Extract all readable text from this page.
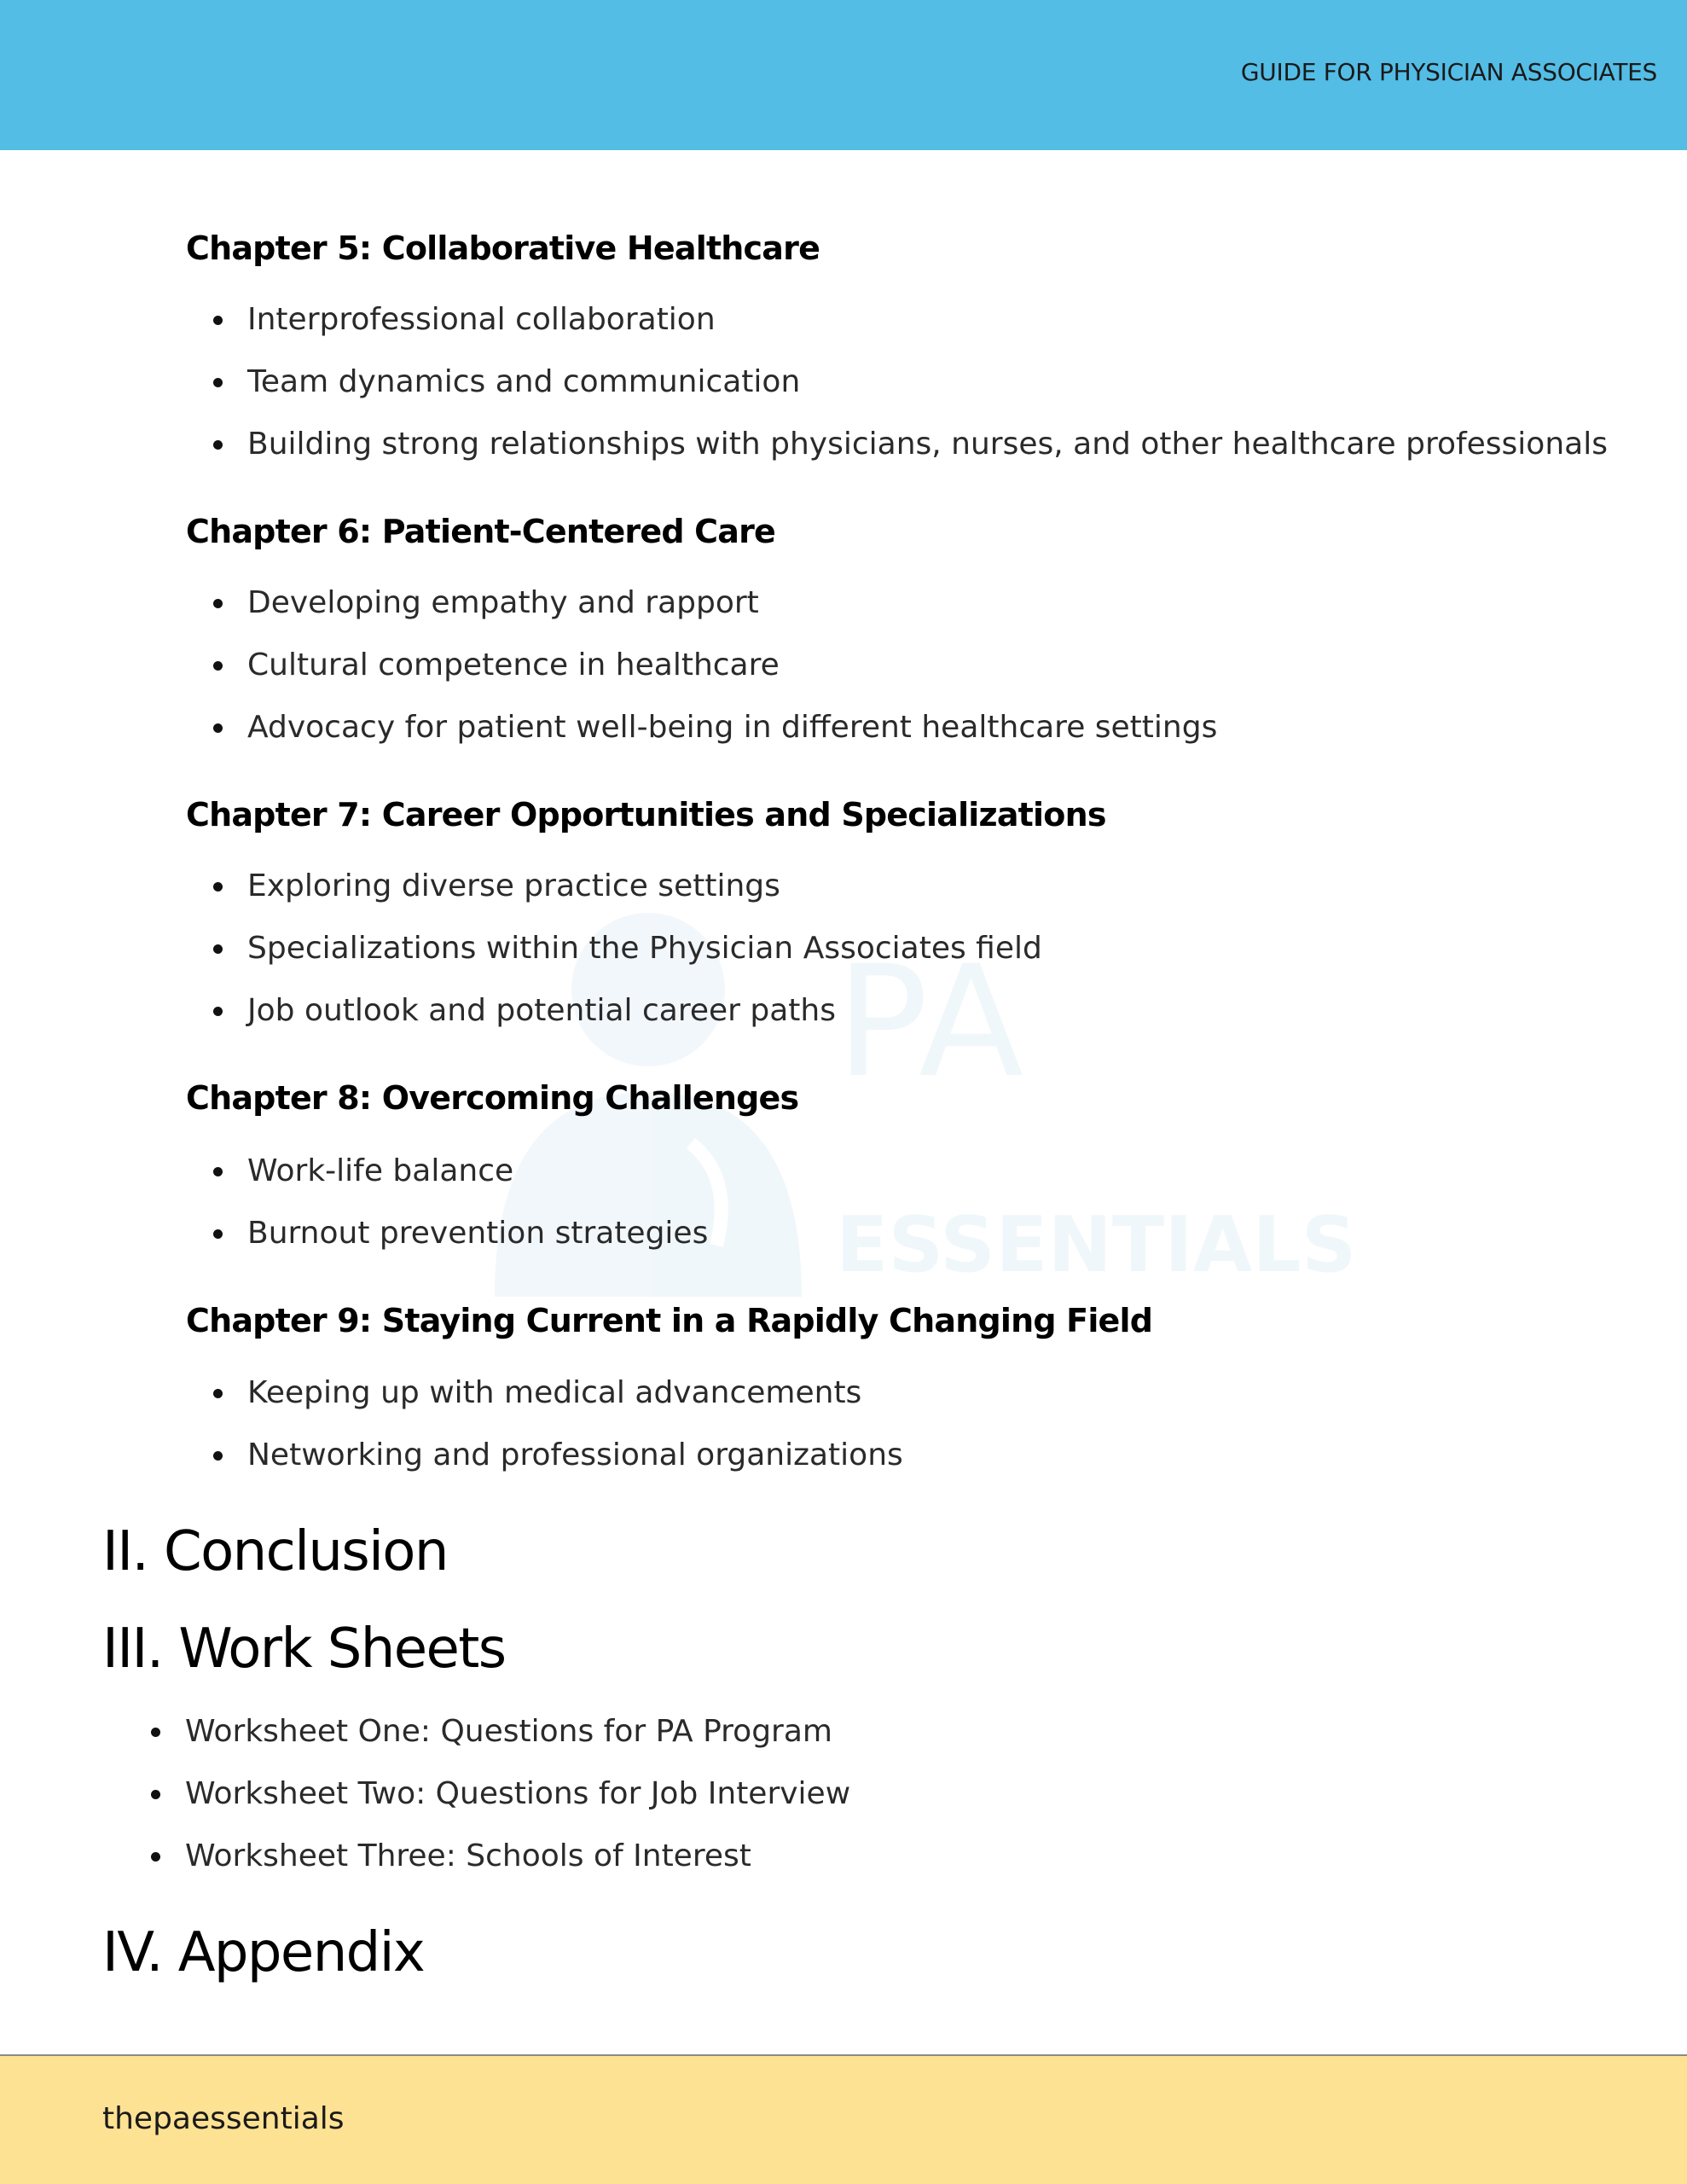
GUIDE FOR PHYSICIAN ASSOCIATES
PA
ESSENTIALS
Chapter 5: Collaborative Healthcare
Interprofessional collaboration
Team dynamics and communication
Building strong relationships with physicians, nurses, and other healthcare professionals
Chapter 6: Patient-Centered Care
Developing empathy and rapport
Cultural competence in healthcare
Advocacy for patient well-being in different healthcare settings
Chapter 7: Career Opportunities and Specializations
Exploring diverse practice settings
Specializations within the Physician Associates field
Job outlook and potential career paths
Chapter 8: Overcoming Challenges
Work-life balance
Burnout prevention strategies
Chapter 9: Staying Current in a Rapidly Changing Field
Keeping up with medical advancements
Networking and professional organizations
II. Conclusion
III. Work Sheets
Worksheet One: Questions for PA Program
Worksheet Two: Questions for Job Interview
Worksheet Three: Schools of Interest
IV. Appendix
thepaessentials
